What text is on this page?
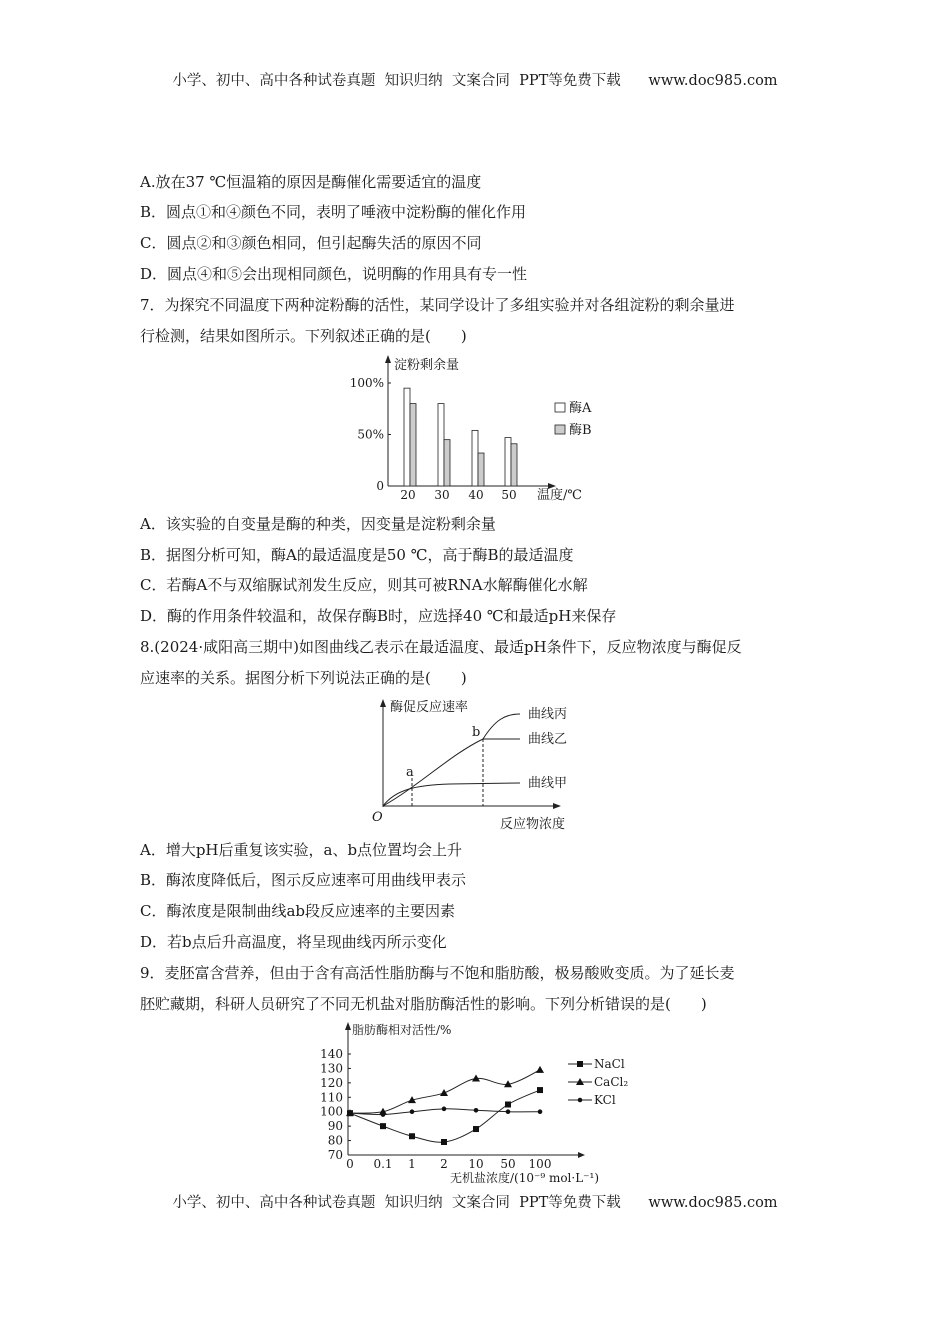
小学、初中、高中各种试卷真题  知识归纳  文案合同  PPT等免费下载      www.doc985.com
A.放在37 ℃恒温箱的原因是酶催化需要适宜的温度
B．圆点①和④颜色不同，表明了唾液中淀粉酶的催化作用
C．圆点②和③颜色相同，但引起酶失活的原因不同
D．圆点④和⑤会出现相同颜色，说明酶的作用具有专一性
7．为探究不同温度下两种淀粉酶的活性，某同学设计了多组实验并对各组淀粉的剩余量进
行检测，结果如图所示。下列叙述正确的是(　　)
淀粉剩余量
温度/℃
0
50%
100%
20 30 40 50
酶A
酶B
A．该实验的自变量是酶的种类，因变量是淀粉剩余量
B．据图分析可知，酶A的最适温度是50 ℃，高于酶B的最适温度
C．若酶A不与双缩脲试剂发生反应，则其可被RNA水解酶催化水解
D．酶的作用条件较温和，故保存酶B时，应选择40 ℃和最适pH来保存
8.(2024·咸阳高三期中)如图曲线乙表示在最适温度、最适pH条件下，反应物浓度与酶促反
应速率的关系。据图分析下列说法正确的是(　　)
酶促反应速率
反应物浓度
O
a
b
曲线丙
曲线乙
曲线甲
A．增大pH后重复该实验，a、b点位置均会上升
B．酶浓度降低后，图示反应速率可用曲线甲表示
C．酶浓度是限制曲线ab段反应速率的主要因素
D．若b点后升高温度，将呈现曲线丙所示变化
9．麦胚富含营养，但由于含有高活性脂肪酶与不饱和脂肪酸，极易酸败变质。为了延长麦
胚贮藏期，科研人员研究了不同无机盐对脂肪酶活性的影响。下列分析错误的是(　　)
脂肪酶相对活性/%
无机盐浓度/(10⁻⁹ mol·L⁻¹)
70
80
90
100
110
120
130
140
0 0.1 1 2 10 50 100
NaCl
CaCl₂
KCl
小学、初中、高中各种试卷真题  知识归纳  文案合同  PPT等免费下载      www.doc985.com
